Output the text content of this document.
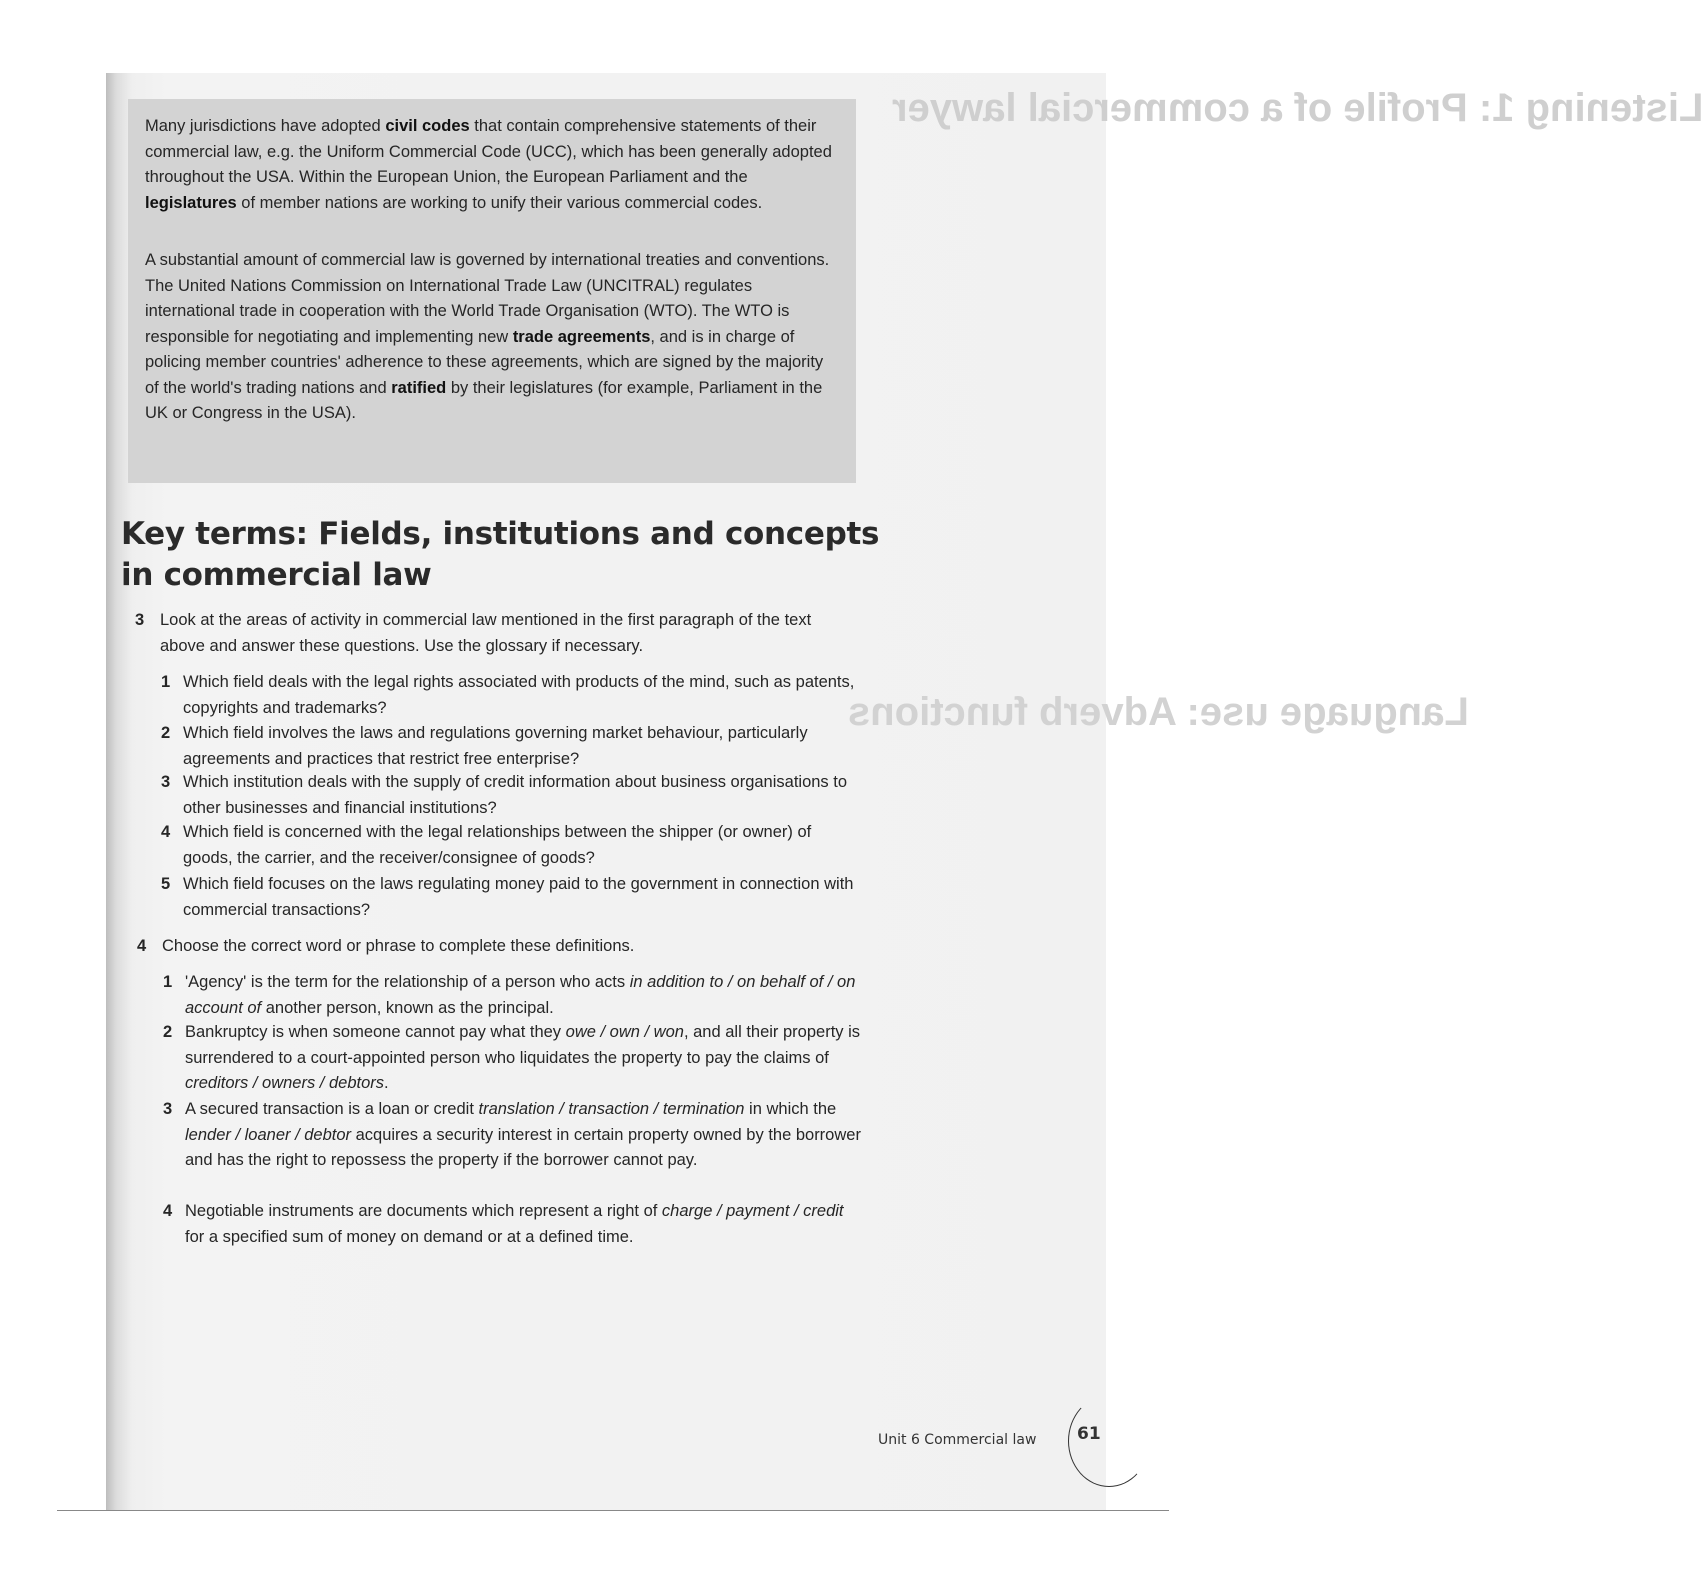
Listening 1: Profile of a commercial lawyer
Language use: Adverb functions
Many jurisdictions have adopted civil codes that contain comprehensive statements of their commercial law, e.g. the Uniform Commercial Code (UCC), which has been generally adopted throughout the USA. Within the European Union, the European Parliament and the legislatures of member nations are working to unify their various commercial codes.
A substantial amount of commercial law is governed by international treaties and conventions. The United Nations Commission on International Trade Law (UNCITRAL) regulates international trade in cooperation with the World Trade Organisation (WTO). The WTO is responsible for negotiating and implementing new trade agreements, and is in charge of policing member countries' adherence to these agreements, which are signed by the majority of the world's trading nations and ratified by their legislatures (for example, Parliament in the UK or Congress in the USA).
Key terms: Fields, institutions and concepts in commercial law
3 Look at the areas of activity in commercial law mentioned in the first paragraph of the text above and answer these questions. Use the glossary if necessary.
1 Which field deals with the legal rights associated with products of the mind, such as patents, copyrights and trademarks?
2 Which field involves the laws and regulations governing market behaviour, particularly agreements and practices that restrict free enterprise?
3 Which institution deals with the supply of credit information about business organisations to other businesses and financial institutions?
4 Which field is concerned with the legal relationships between the shipper (or owner) of goods, the carrier, and the receiver/consignee of goods?
5 Which field focuses on the laws regulating money paid to the government in connection with commercial transactions?
4 Choose the correct word or phrase to complete these definitions.
1 'Agency' is the term for the relationship of a person who acts in addition to / on behalf of / on account of another person, known as the principal.
2 Bankruptcy is when someone cannot pay what they owe / own / won, and all their property is surrendered to a court-appointed person who liquidates the property to pay the claims of creditors / owners / debtors.
3 A secured transaction is a loan or credit translation / transaction / termination in which the lender / loaner / debtor acquires a security interest in certain property owned by the borrower and has the right to repossess the property if the borrower cannot pay.
4 Negotiable instruments are documents which represent a right of charge / payment / credit for a specified sum of money on demand or at a defined time.
Unit 6 Commercial law 61
